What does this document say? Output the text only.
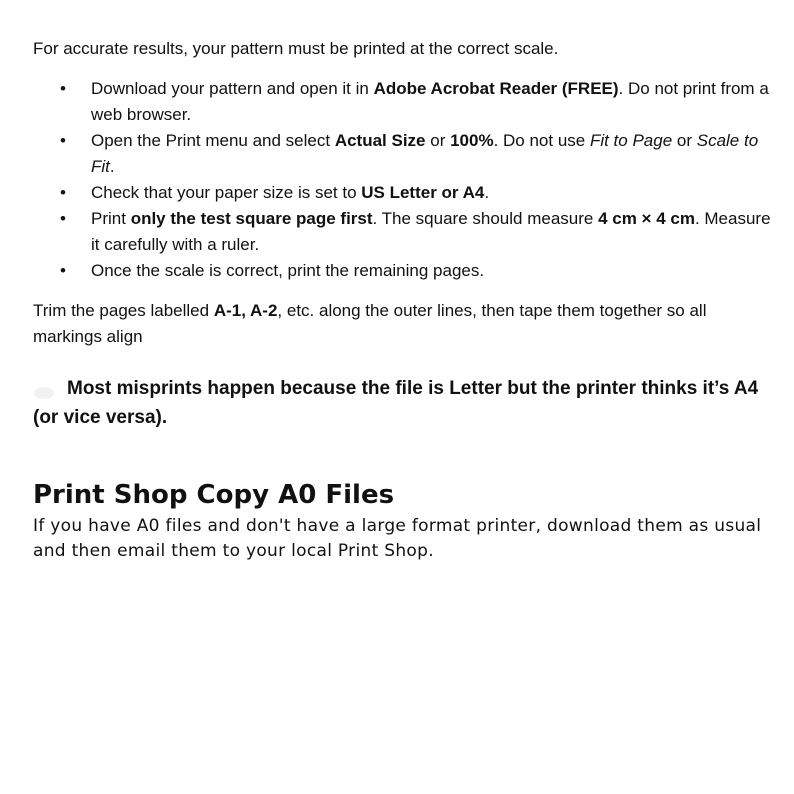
For accurate results, your pattern must be printed at the correct scale.

• Download your pattern and open it in Adobe Acrobat Reader (FREE). Do not print from a web browser.
• Open the Print menu and select Actual Size or 100%. Do not use Fit to Page or Scale to Fit.
• Check that your paper size is set to US Letter or A4.
• Print only the test square page first. The square should measure 4 cm × 4 cm. Measure it carefully with a ruler.
• Once the scale is correct, print the remaining pages.

Trim the pages labelled A-1, A-2, etc. along the outer lines, then tape them together so all markings align

Most misprints happen because the file is Letter but the printer thinks it’s A4 (or vice versa).

Print Shop Copy A0 Files

If you have A0 files and don't have a large format printer, download them as usual and then email them to your local Print Shop.
